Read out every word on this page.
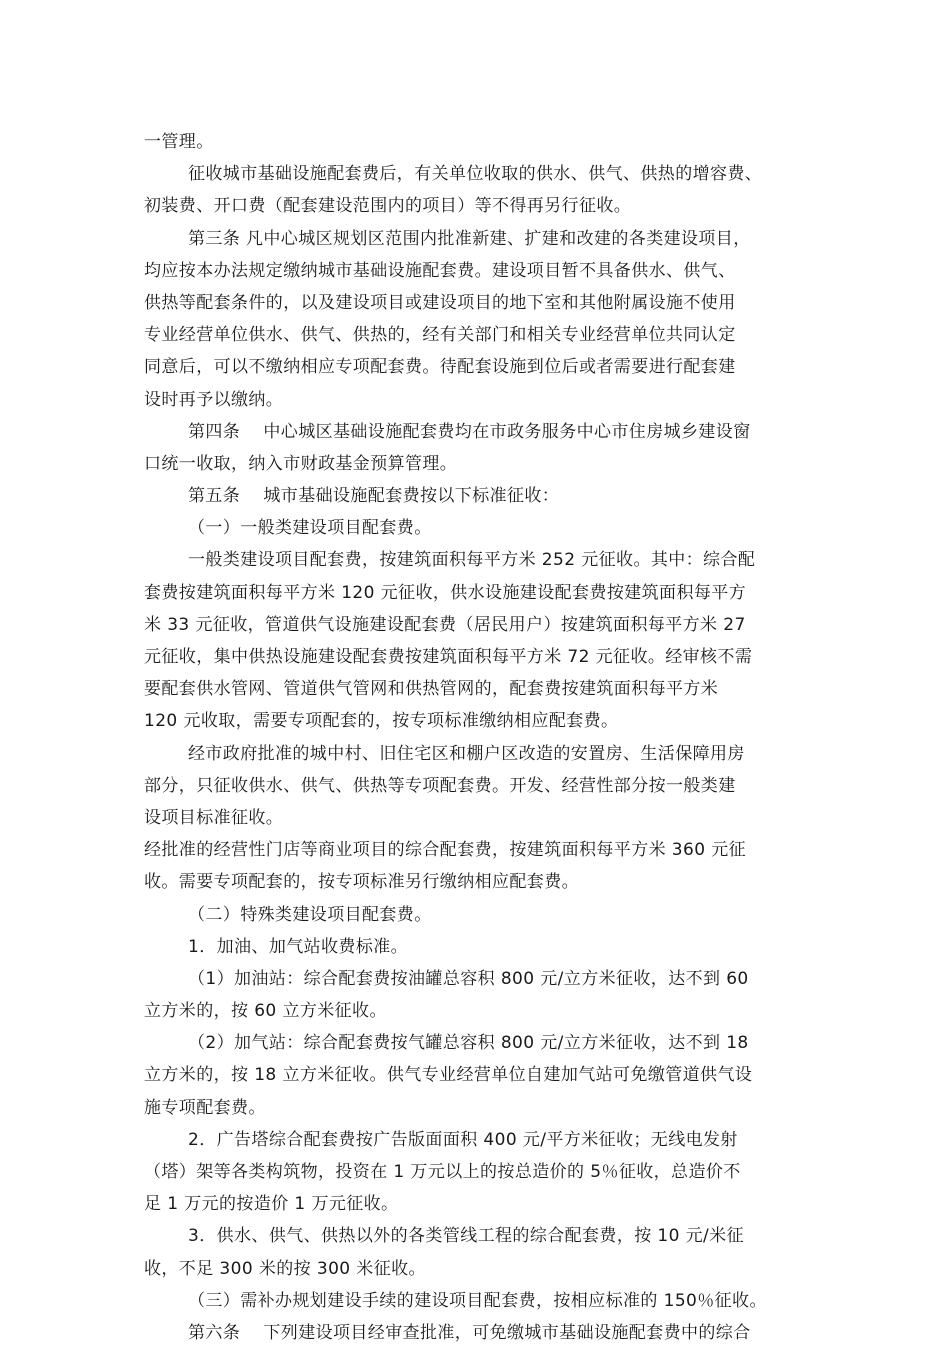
一管理。
征收城市基础设施配套费后，有关单位收取的供水、供气、供热的增容费、
初装费、开口费（配套建设范围内的项目）等不得再另行征收。
第三条 凡中心城区规划区范围内批准新建、扩建和改建的各类建设项目，
均应按本办法规定缴纳城市基础设施配套费。建设项目暂不具备供水、供气、
供热等配套条件的，以及建设项目或建设项目的地下室和其他附属设施不使用
专业经营单位供水、供气、供热的，经有关部门和相关专业经营单位共同认定
同意后，可以不缴纳相应专项配套费。待配套设施到位后或者需要进行配套建
设时再予以缴纳。
第四条　 中心城区基础设施配套费均在市政务服务中心市住房城乡建设窗
口统一收取，纳入市财政基金预算管理。
第五条　 城市基础设施配套费按以下标准征收：
（一）一般类建设项目配套费。
一般类建设项目配套费，按建筑面积每平方米 252 元征收。其中：综合配
套费按建筑面积每平方米 120 元征收，供水设施建设配套费按建筑面积每平方
米 33 元征收，管道供气设施建设配套费（居民用户）按建筑面积每平方米 27
元征收，集中供热设施建设配套费按建筑面积每平方米 72 元征收。经审核不需
要配套供水管网、管道供气管网和供热管网的，配套费按建筑面积每平方米
120 元收取，需要专项配套的，按专项标准缴纳相应配套费。
经市政府批准的城中村、旧住宅区和棚户区改造的安置房、生活保障用房
部分，只征收供水、供气、供热等专项配套费。开发、经营性部分按一般类建
设项目标准征收。
经批准的经营性门店等商业项目的综合配套费，按建筑面积每平方米 360 元征
收。需要专项配套的，按专项标准另行缴纳相应配套费。
（二）特殊类建设项目配套费。
1．加油、加气站收费标准。
（1）加油站：综合配套费按油罐总容积 800 元/立方米征收，达不到 60
立方米的，按 60 立方米征收。
（2）加气站：综合配套费按气罐总容积 800 元/立方米征收，达不到 18
立方米的，按 18 立方米征收。供气专业经营单位自建加气站可免缴管道供气设
施专项配套费。
2．广告塔综合配套费按广告版面面积 400 元/平方米征收；无线电发射
（塔）架等各类构筑物，投资在 1 万元以上的按总造价的 5％征收，总造价不
足 1 万元的按造价 1 万元征收。
3．供水、供气、供热以外的各类管线工程的综合配套费，按 10 元/米征
收，不足 300 米的按 300 米征收。
（三）需补办规划建设手续的建设项目配套费，按相应标准的 150％征收。
第六条　 下列建设项目经审查批准，可免缴城市基础设施配套费中的综合
